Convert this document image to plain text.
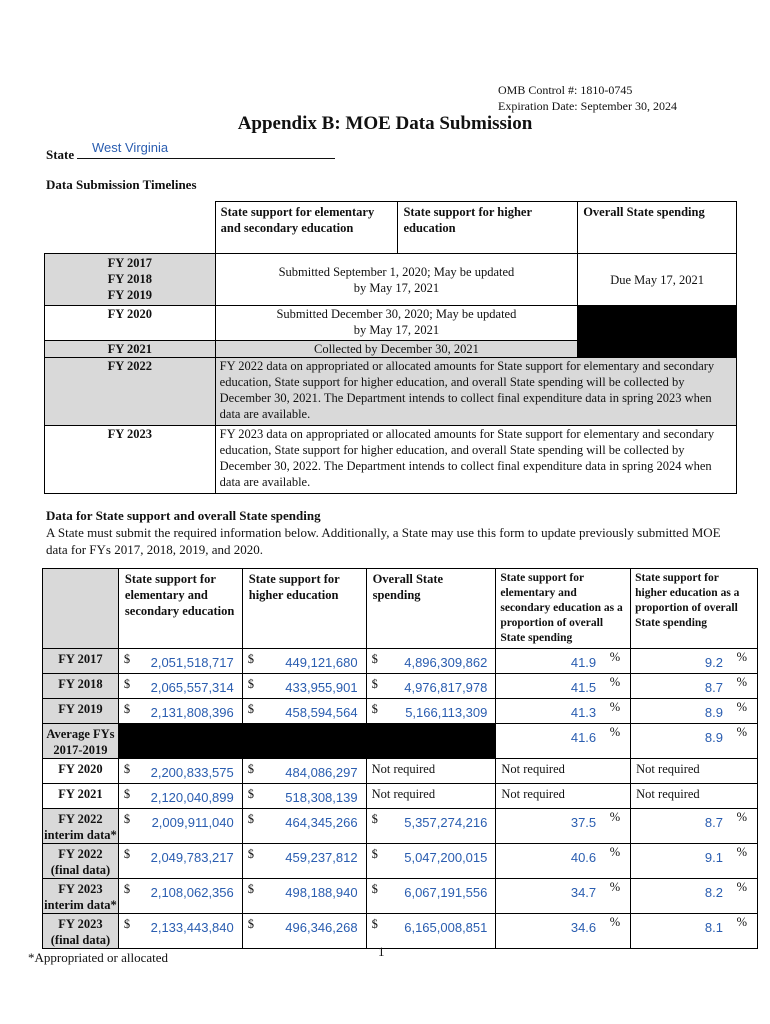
OMB Control #: 1810-0745
Expiration Date: September 30, 2024
Appendix B: MOE Data Submission
State	West Virginia
Data Submission Timelines
	State support for elementary and secondary education	State support for higher education	Overall State spending

FY 2017
FY 2018
FY 2019	Submitted September 1, 2020; May be updated by May 17, 2021		Due May 17, 2021
FY 2020	Submitted December 30, 2020; May be updated by May 17, 2021		
FY 2021	Collected by December 30, 2021		
FY 2022	FY 2022 data on appropriated or allocated amounts for State support for elementary and secondary education, State support for higher education, and overall State spending will be collected by December 30, 2021. The Department intends to collect final expenditure data in spring 2023 when data are available.		
FY 2023	FY 2023 data on appropriated or allocated amounts for State support for elementary and secondary education, State support for higher education, and overall State spending will be collected by December 30, 2022. The Department intends to collect final expenditure data in spring 2024 when data are available.		
Data for State support and overall State spending
A State must submit the required information below. Additionally, a State may use this form to update previously submitted MOE data for FYs 2017, 2018, 2019, and 2020.
	State support for elementary and secondary education	State support for higher education	Overall State spending	State support for elementary and secondary education as a proportion of overall State spending	State support for higher education as a proportion of overall State spending
FY 2017	$ 2,051,518,717	$ 449,121,680	$ 4,896,309,862	41.9 %	9.2 %

FY 2018	$ 2,065,557,314	$ 433,955,901	$ 4,976,817,978	41.5 %	8.7 %

FY 2019	$ 2,131,808,396	$ 458,594,564	$ 5,166,113,309	41.3 %	8.9 %

Average FYs 2017-2019				41.6 %	8.9 %

FY 2020	$ 2,200,833,575	$ 484,086,297	Not required	Not required	Not required
FY 2021	$ 2,120,040,899	$ 518,308,139	Not required	Not required	Not required
FY 2022 interim data*	$ 2,009,911,040	$ 464,345,266	$ 5,357,274,216	37.5 %	8.7 %

FY 2022 (final data)	$ 2,049,783,217	$ 459,237,812	$ 5,047,200,015	40.6 %	9.1 %

FY 2023 interim data*	$ 2,108,062,356	$ 498,188,940	$ 6,067,191,556	34.7 %	8.2 %

FY 2023 (final data)	$ 2,133,443,840	$ 496,346,268	$ 6,165,008,851	34.6 %	8.1 %
*Appropriated or allocated	1
